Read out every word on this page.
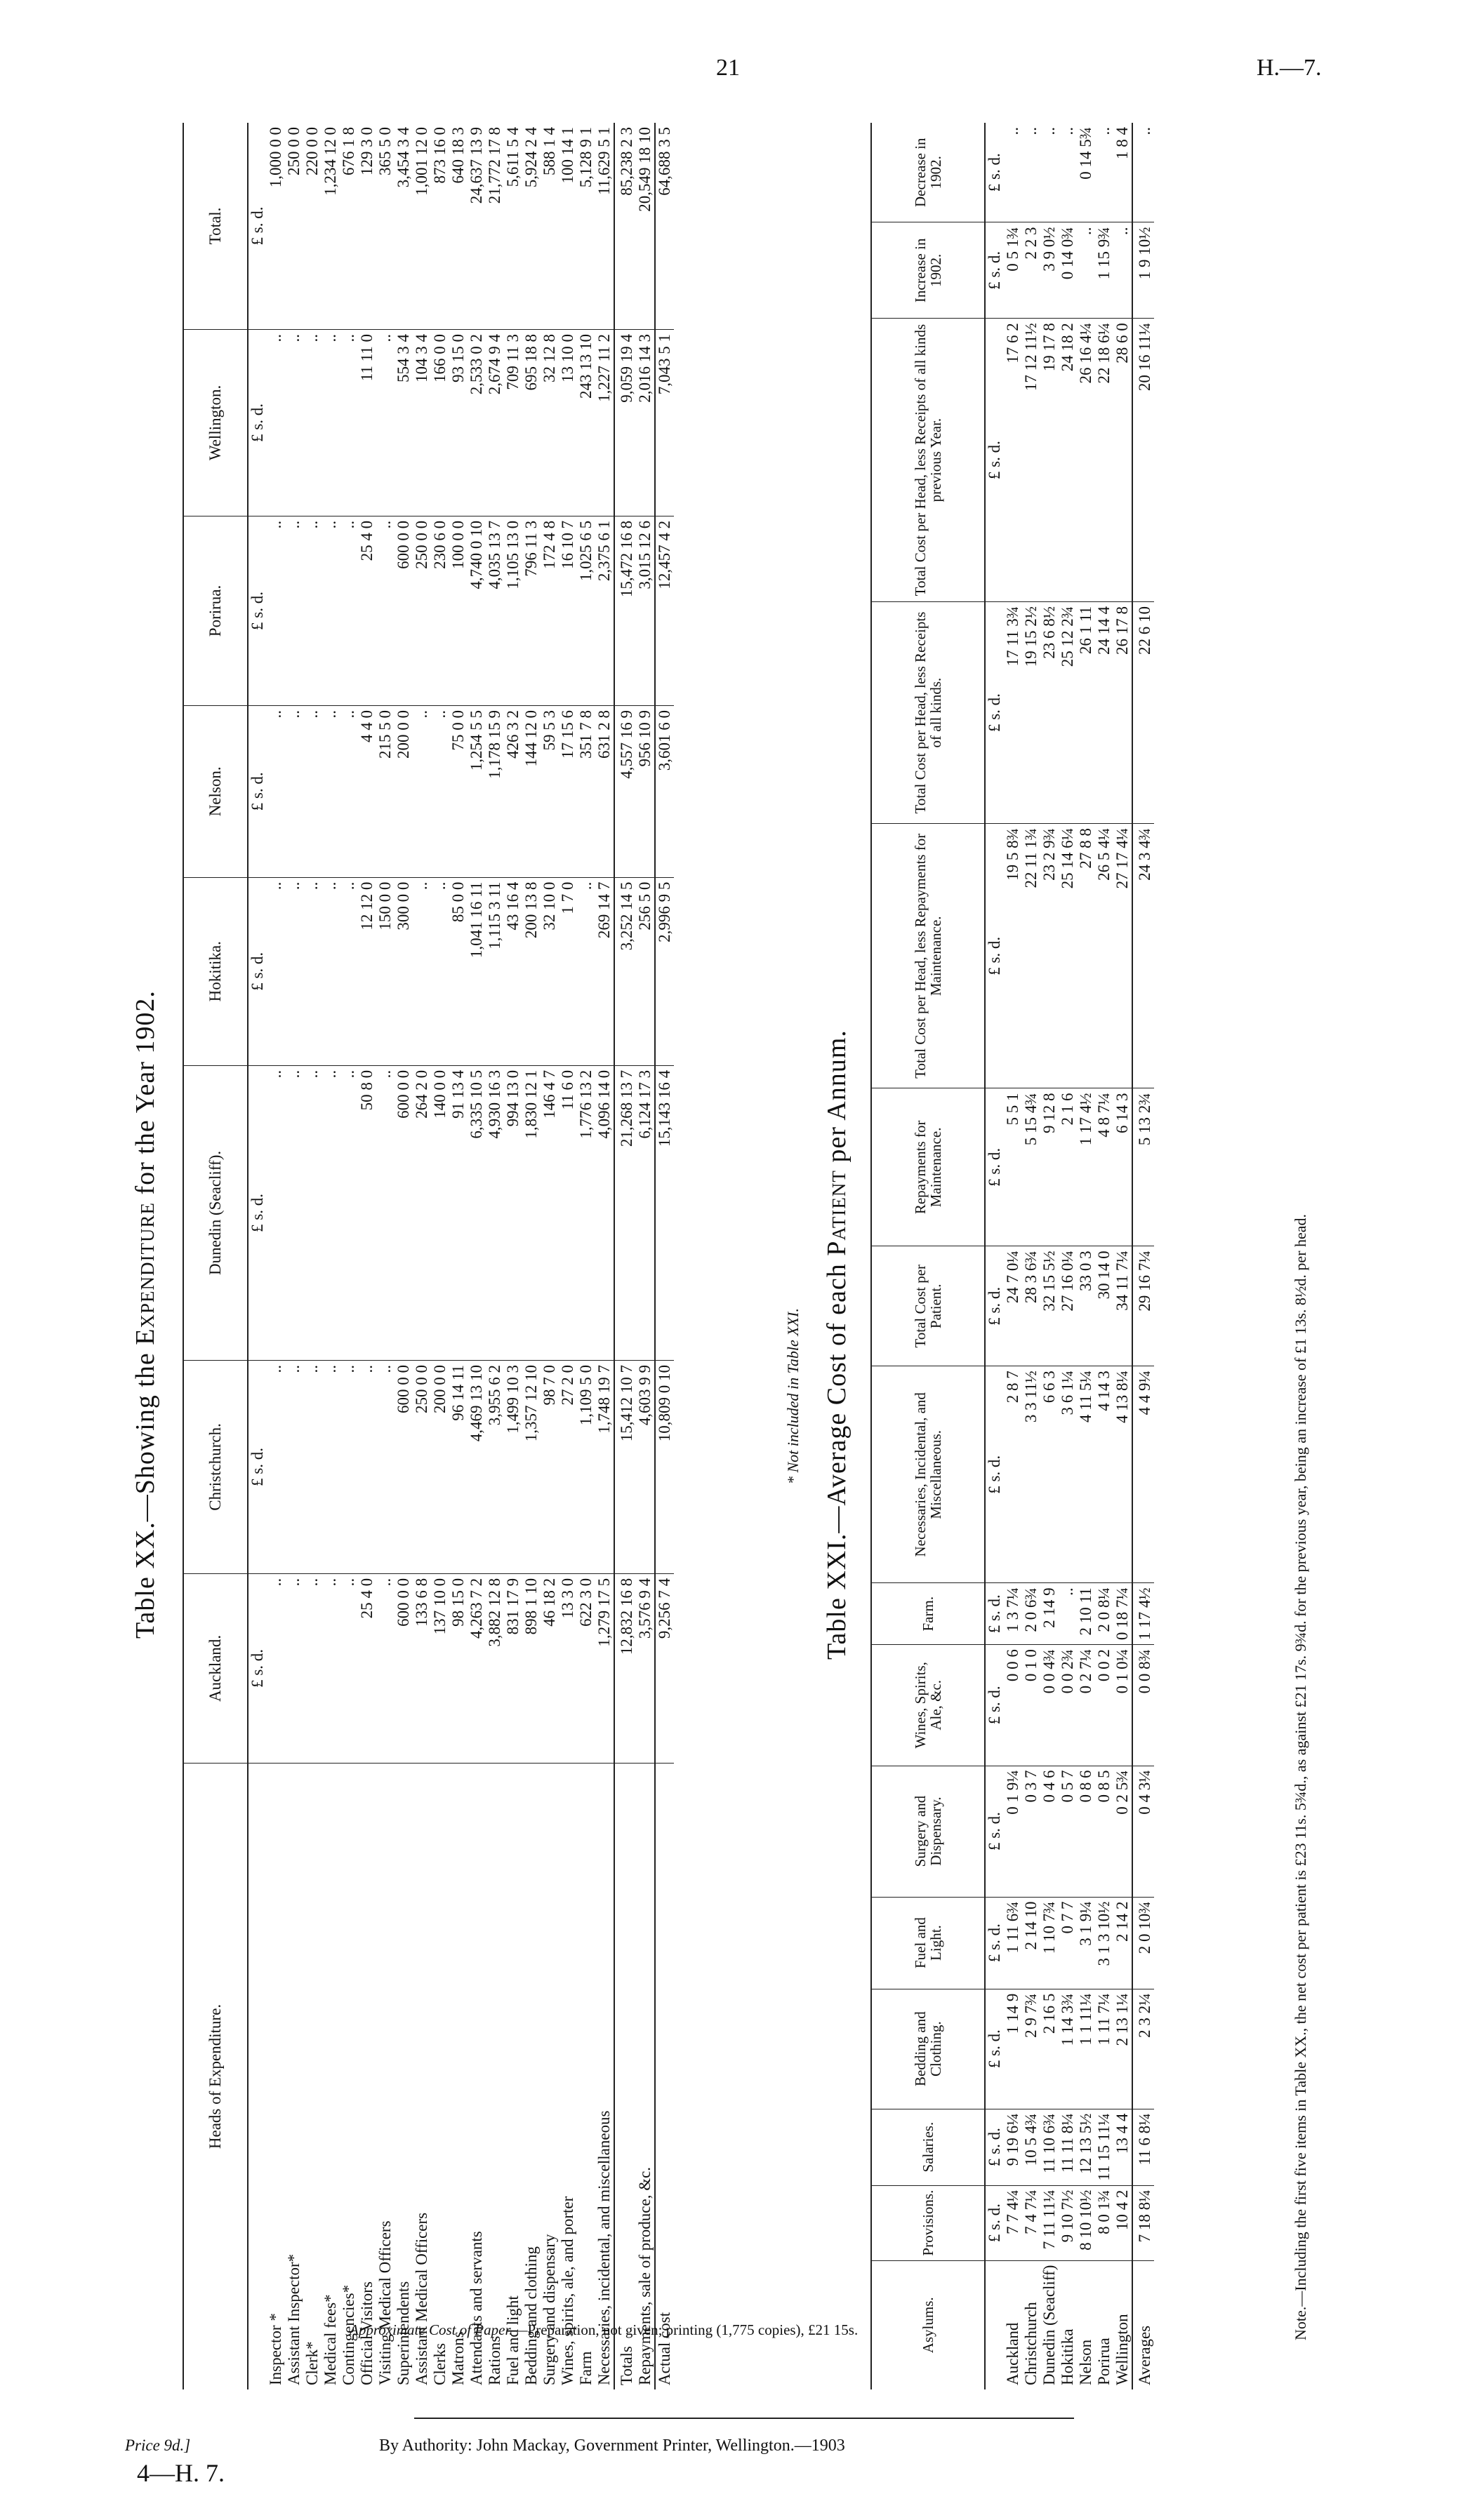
21	H.—7.
Table XX.—Showing the Expenditure for the Year 1902.
Heads of Expenditure.	Auckland.	Christchurch.	Dunedin (Seacliff).	Hokitika.	Nelson.	Porirua.	Wellington.	Total.
	£ s. d.	£ s. d.	£ s. d.	£ s. d.	£ s. d.	£ s. d.	£ s. d.	£ s. d.
Inspector *	..	..	..	..	..	..	..	1,000 0 0
Assistant Inspector*	..	..	..	..	..	..	..	250 0 0
Clerk*	..	..	..	..	..	..	..	220 0 0
Medical fees*	..	..	..	..	..	..	..	1,234 12 0
Contingencies*	..	..	..	..	..	..	..	676 1 8
Official Visitors	25 4 0	..	50 8 0	12 12 0	4 4 0	25 4 0	11 11 0	129 3 0
Visiting Medical Officers	..	..	..	150 0 0	215 5 0	..	..	365 5 0
Superintendents	600 0 0	600 0 0	600 0 0	300 0 0	200 0 0	600 0 0	554 3 4	3,454 3 4
Assistant Medical Officers	133 6 8	250 0 0	264 2 0	..	..	250 0 0	104 3 4	1,001 12 0
Clerks	137 10 0	200 0 0	140 0 0	..	..	230 6 0	166 0 0	873 16 0
Matrons	98 15 0	96 14 11	91 13 4	85 0 0	75 0 0	100 0 0	93 15 0	640 18 3
Attendants and servants	4,263 7 2	4,469 13 10	6,335 10 5	1,041 16 11	1,254 5 5	4,740 0 10	2,533 0 2	24,637 13 9
Rations	3,882 12 8	3,955 6 2	4,930 16 3	1,115 3 11	1,178 15 9	4,035 13 7	2,674 9 4	21,772 17 8
Fuel and light	831 17 9	1,499 10 3	994 13 0	43 16 4	426 3 2	1,105 13 0	709 11 3	5,611 5 4
Bedding and clothing	898 1 10	1,357 12 10	1,830 12 1	200 13 8	144 12 0	796 11 3	695 18 8	5,924 2 4
Surgery and dispensary	46 18 2	98 7 0	146 4 7	32 10 0	59 5 3	172 4 8	32 12 8	588 1 4
Wines, spirits, ale, and porter	13 3 0	27 2 0	11 6 0	1 7 0	17 15 6	16 10 7	13 10 0	100 14 1
Farm	622 3 0	1,109 5 0	1,776 13 2	..	351 7 8	1,025 6 5	243 13 10	5,128 9 1
Necessaries, incidental, and miscellaneous	1,279 17 5	1,748 19 7	4,096 14 0	269 14 7	631 2 8	2,375 6 1	1,227 11 2	11,629 5 1
Totals	12,832 16 8	15,412 10 7	21,268 13 7	3,252 14 5	4,557 16 9	15,472 16 8	9,059 19 4	85,238 2 3
Repayments, sale of produce, &c.	3,576 9 4	4,603 9 9	6,124 17 3	256 5 0	956 10 9	3,015 12 6	2,016 14 3	20,549 18 10
Actual cost	9,256 7 4	10,809 0 10	15,143 16 4	2,996 9 5	3,601 6 0	12,457 4 2	7,043 5 1	64,688 3 5
* Not included in Table XXI. Table XXI.—Average Cost of each Patient per Annum.
Asylums.	Provisions.	Salaries.	Bedding and Clothing.	Fuel and Light.	Surgery and Dispensary.	Wines, Spirits, Ale, &c.	Farm.	Necessaries, Incidental, and Miscellaneous.	Total Cost per Patient.	Repayments for Maintenance.	Total Cost per Head, less Repayments for Maintenance.	Total Cost per Head, less Receipts of all kinds.	Total Cost per Head, less Receipts of all kinds previous Year.	Increase in 1902.	Decrease in 1902.
	£ s. d.	£ s. d.	£ s. d.	£ s. d.	£ s. d.	£ s. d.	£ s. d.	£ s. d.	£ s. d.	£ s. d.	£ s. d.	£ s. d.	£ s. d.	£ s. d.	£ s. d.
Auckland	7 7 4¼	9 19 6¼	1 14 9	1 11 6¾	0 1 9¼	0 0 6	1 3 7¼	2 8 7	24 7 0¼	5 5 1	19 5 8¾	17 11 3¾	17 6 2	0 5 1¾	..
Christchurch	7 4 7¼	10 5 4¾	2 9 7¾	2 14 10	0 3 7	0 1 0	2 0 6¾	3 3 11½	28 3 6¾	5 15 4¾	22 11 1¾	19 15 2½	17 12 11½	2 2 3	..
Dunedin (Seacliff)	7 11 11¼	11 10 6¾	2 16 5	1 10 7¾	0 4 6	0 0 4¾	2 14 9	6 6 3	32 15 5½	9 12 8	23 2 9¾	23 6 8½	19 17 8	3 9 0½	..
Hokitika	9 10 7½	11 11 8¼	1 14 3¾	0 7 7	0 5 7	0 0 2¾	..	3 6 1¼	27 16 0¼	2 1 6	25 14 6¼	25 12 2¾	24 18 2	0 14 0¾	..
Nelson	8 10 10½	12 13 5½	1 1 11¼	3 1 9¼	0 8 6	0 2 7¼	2 10 11	4 11 5¼	33 0 3	1 17 4½	27 8 8	26 1 11	26 16 4¼	..	0 14 5¾
Porirua	8 0 1¾	11 15 11¼	1 11 7¼	3 1 3 10½	0 8 5	0 0 2	2 0 8¼	4 14 3	30 14 0	4 8 7¼	26 5 4¼	24 14 4	22 18 6¼	1 15 9¾	..
Wellington	10 4 2	13 4 4	2 13 1¼	2 14 2	0 2 5¾	0 1 0¼	0 18 7¼	4 13 8¼	34 11 7¼	6 14 3	27 17 4¼	26 17 8	28 6 0	..	1 8 4
Averages	7 18 8¼	11 6 8¼	2 3 2¼	2 0 10¾	0 4 3¼	0 0 8¾	1 17 4½	4 4 9¼	29 16 7¼	5 13 2¾	24 3 4¾	22 6 10	20 16 11¼	1 9 10½	..
Note.—Including the first five items in Table XX., the net cost per patient is £23 11s. 5¾d., as against £21 17s. 9¾d. for the previous year, being an increase of £1 13s. 8½d. per head.
Approximate Cost of Paper.—Preparation, not given; printing (1,775 copies), £21 15s.
Price 9d.]	By Authority: John Mackay, Government Printer, Wellington.—1903
4—H. 7.
